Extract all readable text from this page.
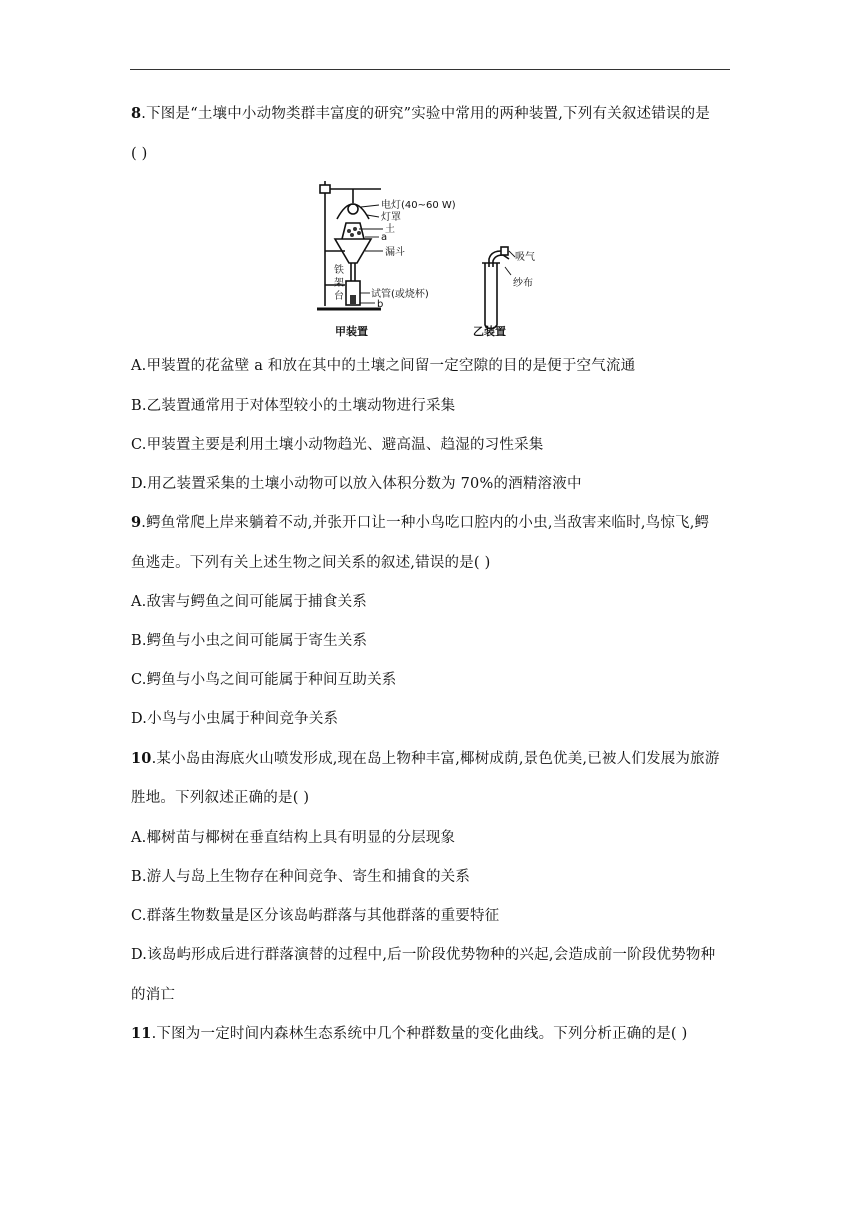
8.下图是“土壤中小动物类群丰富度的研究”实验中常用的两种装置,下列有关叙述错误的是
( )
电灯(40~60 W)
灯罩
土
a
漏斗
铁
架
台	试管(或烧杯)
b
吸气
纱布
甲装置	乙装置
A.甲装置的花盆壁 a 和放在其中的土壤之间留一定空隙的目的是便于空气流通
B.乙装置通常用于对体型较小的土壤动物进行采集
C.甲装置主要是利用土壤小动物趋光、避高温、趋湿的习性采集
D.用乙装置采集的土壤小动物可以放入体积分数为 70%的酒精溶液中
9.鳄鱼常爬上岸来躺着不动,并张开口让一种小鸟吃口腔内的小虫,当敌害来临时,鸟惊飞,鳄
鱼逃走。下列有关上述生物之间关系的叙述,错误的是( )
A.敌害与鳄鱼之间可能属于捕食关系
B.鳄鱼与小虫之间可能属于寄生关系
C.鳄鱼与小鸟之间可能属于种间互助关系
D.小鸟与小虫属于种间竞争关系
10.某小岛由海底火山喷发形成,现在岛上物种丰富,椰树成荫,景色优美,已被人们发展为旅游
胜地。下列叙述正确的是( )
A.椰树苗与椰树在垂直结构上具有明显的分层现象
B.游人与岛上生物存在种间竞争、寄生和捕食的关系
C.群落生物数量是区分该岛屿群落与其他群落的重要特征
D.该岛屿形成后进行群落演替的过程中,后一阶段优势物种的兴起,会造成前一阶段优势物种
的消亡
11.下图为一定时间内森林生态系统中几个种群数量的变化曲线。下列分析正确的是( )
